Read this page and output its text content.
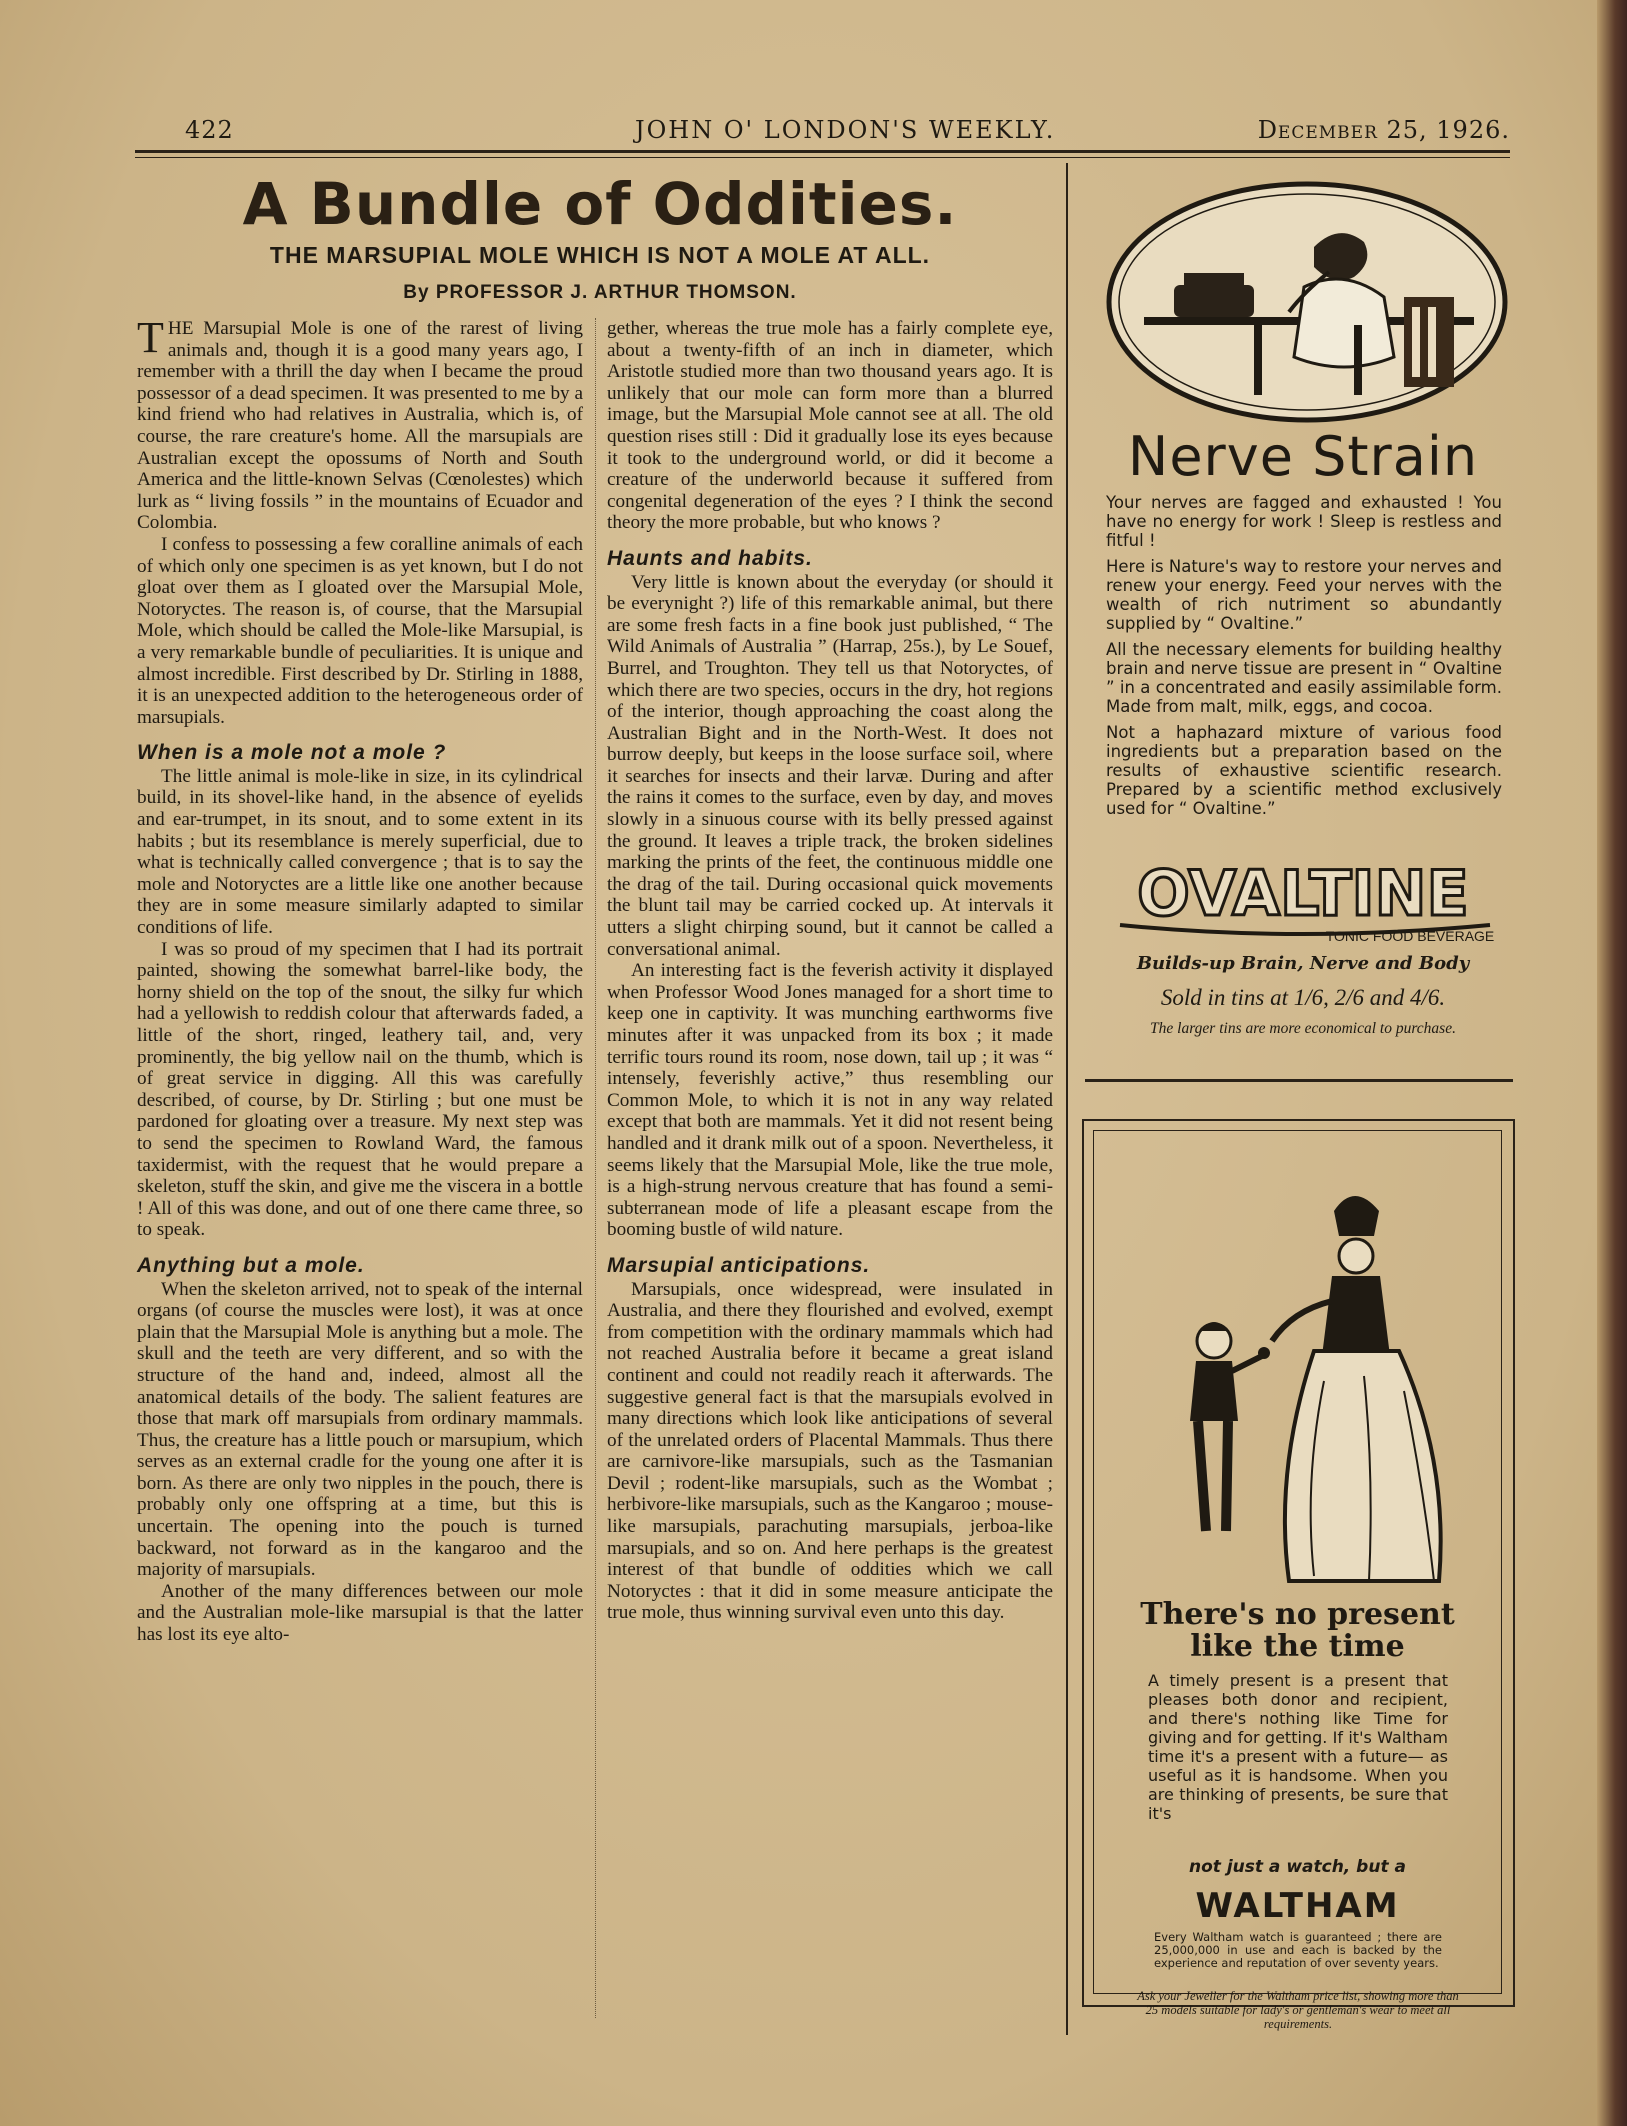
422	JOHN O' LONDON'S WEEKLY.	December 25, 1926.
A Bundle of Oddities.
THE MARSUPIAL MOLE WHICH IS NOT A MOLE AT ALL.
By PROFESSOR J. ARTHUR THOMSON.

THE Marsupial Mole is one of the rarest of living animals and, though it is a good many years ago, I remember with a thrill the day when I became the proud possessor of a dead specimen. It was presented to me by a kind friend who had relatives in Australia, which is, of course, the rare creature's home. All the marsupials are Australian except the opossums of North and South America and the little-known Selvas (Cœnolestes) which lurk as “ living fossils ” in the mountains of Ecuador and Colombia.

I confess to possessing a few coralline animals of each of which only one specimen is as yet known, but I do not gloat over them as I gloated over the Marsupial Mole, Notoryctes. The reason is, of course, that the Marsupial Mole, which should be called the Mole-like Marsupial, is a very remarkable bundle of peculiarities. It is unique and almost incredible. First described by Dr. Stirling in 1888, it is an unexpected addition to the heterogeneous order of marsupials.

When is a mole not a mole ?

The little animal is mole-like in size, in its cylindrical build, in its shovel-like hand, in the absence of eyelids and ear-trumpet, in its snout, and to some extent in its habits ; but its resemblance is merely superficial, due to what is technically called convergence ; that is to say the mole and Notoryctes are a little like one another because they are in some measure similarly adapted to similar conditions of life.

I was so proud of my specimen that I had its portrait painted, showing the somewhat barrel-like body, the horny shield on the top of the snout, the silky fur which had a yellowish to reddish colour that afterwards faded, a little of the short, ringed, leathery tail, and, very prominently, the big yellow nail on the thumb, which is of great service in digging. All this was carefully described, of course, by Dr. Stirling ; but one must be pardoned for gloating over a treasure. My next step was to send the specimen to Rowland Ward, the famous taxidermist, with the request that he would prepare a skeleton, stuff the skin, and give me the viscera in a bottle ! All of this was done, and out of one there came three, so to speak.

Anything but a mole.

When the skeleton arrived, not to speak of the internal organs (of course the muscles were lost), it was at once plain that the Marsupial Mole is anything but a mole. The skull and the teeth are very different, and so with the structure of the hand and, indeed, almost all the anatomical details of the body. The salient features are those that mark off marsupials from ordinary mammals. Thus, the creature has a little pouch or marsupium, which serves as an external cradle for the young one after it is born. As there are only two nipples in the pouch, there is probably only one offspring at a time, but this is uncertain. The opening into the pouch is turned backward, not forward as in the kangaroo and the majority of marsupials.

Another of the many differences between our mole and the Australian mole-like marsupial is that the latter has lost its eye alto-

gether, whereas the true mole has a fairly complete eye, about a twenty-fifth of an inch in diameter, which Aristotle studied more than two thousand years ago. It is unlikely that our mole can form more than a blurred image, but the Marsupial Mole cannot see at all. The old question rises still : Did it gradually lose its eyes because it took to the underground world, or did it become a creature of the underworld because it suffered from congenital degeneration of the eyes ? I think the second theory the more probable, but who knows ?

Haunts and habits.

Very little is known about the everyday (or should it be everynight ?) life of this remarkable animal, but there are some fresh facts in a fine book just published, “ The Wild Animals of Australia ” (Harrap, 25s.), by Le Souef, Burrel, and Troughton. They tell us that Notoryctes, of which there are two species, occurs in the dry, hot regions of the interior, though approaching the coast along the Australian Bight and in the North-West. It does not burrow deeply, but keeps in the loose surface soil, where it searches for insects and their larvæ. During and after the rains it comes to the surface, even by day, and moves slowly in a sinuous course with its belly pressed against the ground. It leaves a triple track, the broken sidelines marking the prints of the feet, the continuous middle one the drag of the tail. During occasional quick movements the blunt tail may be carried cocked up. At intervals it utters a slight chirping sound, but it cannot be called a conversational animal.

An interesting fact is the feverish activity it displayed when Professor Wood Jones managed for a short time to keep one in captivity. It was munching earthworms five minutes after it was unpacked from its box ; it made terrific tours round its room, nose down, tail up ; it was “ intensely, feverishly active,” thus resembling our Common Mole, to which it is not in any way related except that both are mammals. Yet it did not resent being handled and it drank milk out of a spoon. Nevertheless, it seems likely that the Marsupial Mole, like the true mole, is a high-strung nervous creature that has found a semi-subterranean mode of life a pleasant escape from the booming bustle of wild nature.

Marsupial anticipations.

Marsupials, once widespread, were insulated in Australia, and there they flourished and evolved, exempt from competition with the ordinary mammals which had not reached Australia before it became a great island continent and could not readily reach it afterwards. The suggestive general fact is that the marsupials evolved in many directions which look like anticipations of several of the unrelated orders of Placental Mammals. Thus there are carnivore-like marsupials, such as the Tasmanian Devil ; rodent-like marsupials, such as the Wombat ; herbivore-like marsupials, such as the Kangaroo ; mouse-like marsupials, parachuting marsupials, jerboa-like marsupials, and so on. And here perhaps is the greatest interest of that bundle of oddities which we call Notoryctes : that it did in some measure anticipate the true mole, thus winning survival even unto this day.

Nerve Strain

Your nerves are fagged and exhausted ! You have no energy for work ! Sleep is restless and fitful !

Here is Nature's way to restore your nerves and renew your energy. Feed your nerves with the wealth of rich nutriment so abundantly supplied by “ Ovaltine.”

All the necessary elements for building healthy brain and nerve tissue are present in “ Ovaltine ” in a concentrated and easily assimilable form. Made from malt, milk, eggs, and cocoa.

Not a haphazard mixture of various food ingredients but a preparation based on the results of exhaustive scientific research. Prepared by a scientific method exclusively used for “ Ovaltine.”

OVALTINE
TONIC FOOD BEVERAGE
Builds-up Brain, Nerve and Body
Sold in tins at 1/6, 2/6 and 4/6.
The larger tins are more economical to purchase.
There's no present
like the time
A timely present is a present that pleases both donor and recipient, and there's nothing like Time for giving and for getting. If it's Waltham time it's a present with a future— as useful as it is handsome. When you are thinking of presents, be sure that it's
not just a watch, but a
WALTHAM
Every Waltham watch is guaranteed ; there are 25,000,000 in use and each is backed by the experience and reputation of over seventy years.
Ask your Jeweller for the Waltham price list, showing more than 25 models suitable for lady's or gentleman's wear to meet all requirements.
